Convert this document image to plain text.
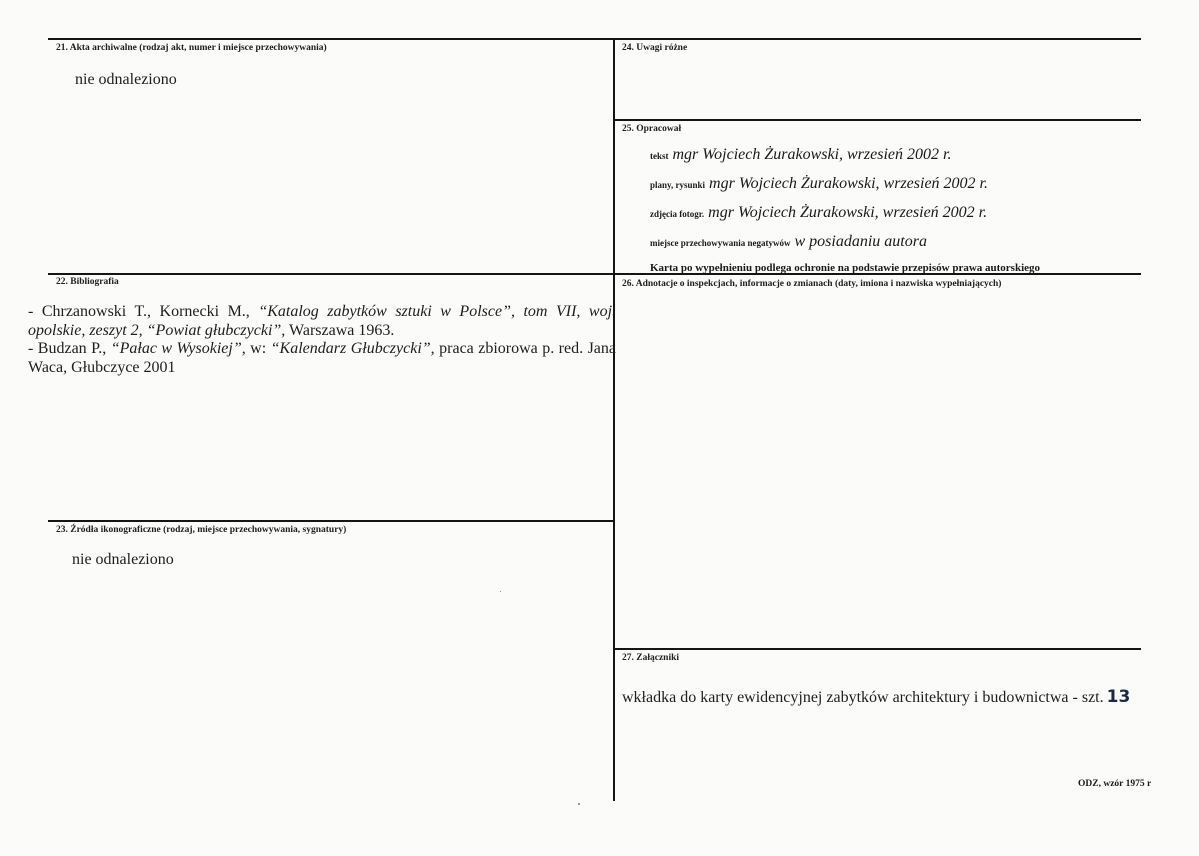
21. Akta archiwalne (rodzaj akt, numer i miejsce przechowywania)
nie odnaleziono
22. Bibliografia

- Chrzanowski T., Kornecki M., “Katalog zabytków sztuki w Polsce”, tom VII, woj. opolskie, zeszyt 2, “Powiat głubczycki”, Warszawa 1963.

- Budzan P., “Pałac w Wysokiej”, w: “Kalendarz Głubczycki”, praca zbiorowa p. red. Jana Waca, Głubczyce 2001

23. Źródła ikonograficzne (rodzaj, miejsce przechowywania, sygnatury)
nie odnaleziono
24. Uwagi różne
25. Opracował
tekst mgr Wojciech Żurakowski, wrzesień 2002 r.
plany, rysunki mgr Wojciech Żurakowski, wrzesień 2002 r.
zdjęcia fotogr. mgr Wojciech Żurakowski, wrzesień 2002 r.
miejsce przechowywania negatywów w posiadaniu autora
Karta po wypełnieniu podlega ochronie na podstawie przepisów prawa autorskiego
26. Adnotacje o inspekcjach, informacje o zmianach (daty, imiona i nazwiska wypełniających)
27. Załączniki
wkładka do karty ewidencyjnej zabytków architektury i budownictwa - szt. 13
ODZ, wzór 1975 r
